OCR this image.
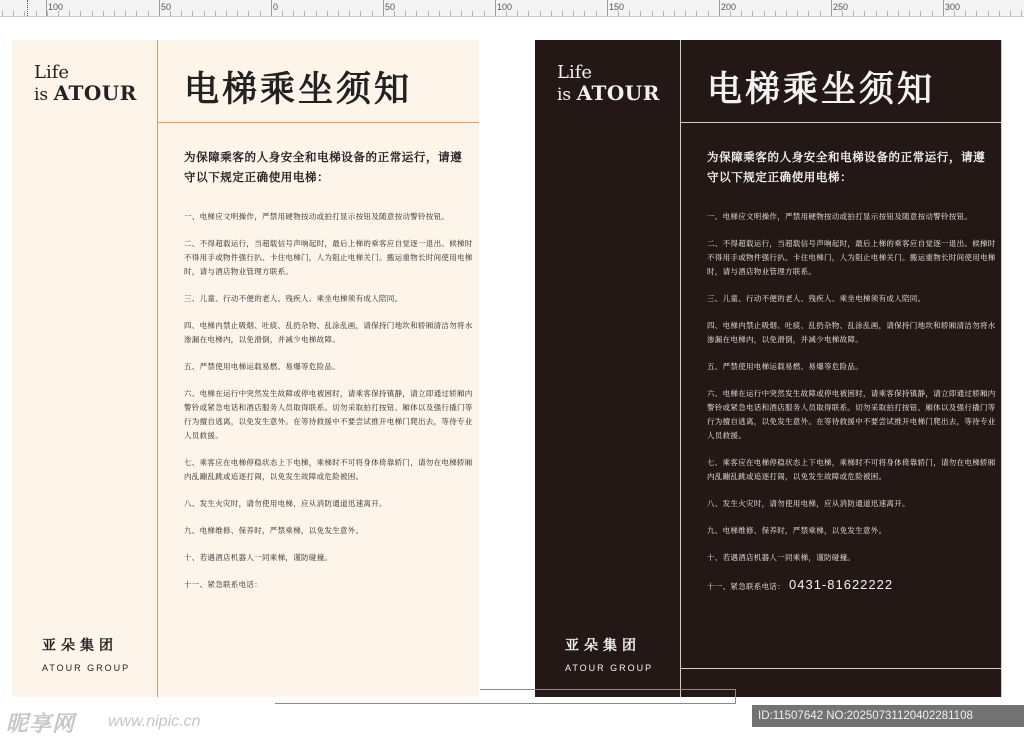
100	50	0	50	100	150	200	250	300
Life
is ATOUR 电梯乘坐须知
为保障乘客的人身安全和电梯设备的正常运行，请遵守以下规定正确使用电梯：
一、电梯应文明操作，严禁用硬物按动或拍打显示按钮及随意按动警铃按钮。
二、不得超载运行，当超载信号声响起时，最后上梯的乘客应自觉逐一退出。候梯时不得用手或物件强行扒、卡住电梯门，人为阻止电梯关门。搬运重物长时间使用电梯时，请与酒店物业管理方联系。
三、儿童、行动不便的老人、残疾人、乘坐电梯须有成人陪同。
四、电梯内禁止吸烟、吐痰、乱扔杂物、乱涂乱画，请保持门地坎和轿厢清洁勿将水渗漏在电梯内，以免滑倒，并减少电梯故障。
五、严禁使用电梯运载易燃、易爆等危险品。
六、电梯在运行中突然发生故障或停电被困时，请乘客保持镇静，请立即通过轿厢内警铃或紧急电话和酒店服务人员取得联系。切勿采取拍打按钮、厢体以及强行撬门等行为擅自逃离，以免发生意外。在等待救援中不要尝试推开电梯门爬出去，等待专业人员救援。
七、乘客应在电梯停稳状态上下电梯，乘梯时不可将身体倚靠轿门，请勿在电梯轿厢内乱蹦乱跳或追逐打闹，以免发生故障或危险被困。
八、发生火灾时，请勿使用电梯，应从消防通道迅速离开。
九、电梯维修、保养时，严禁乘梯，以免发生意外。
十、若遇酒店机器人一同乘梯，谨防碰撞。
十一、紧急联系电话：
亚朵集团
ATOUR GROUP
Life
is ATOUR 电梯乘坐须知
为保障乘客的人身安全和电梯设备的正常运行，请遵守以下规定正确使用电梯：
一、电梯应文明操作，严禁用硬物按动或拍打显示按钮及随意按动警铃按钮。
二、不得超载运行，当超载信号声响起时，最后上梯的乘客应自觉逐一退出。候梯时不得用手或物件强行扒、卡住电梯门，人为阻止电梯关门。搬运重物长时间使用电梯时，请与酒店物业管理方联系。
三、儿童、行动不便的老人、残疾人、乘坐电梯须有成人陪同。
四、电梯内禁止吸烟、吐痰、乱扔杂物、乱涂乱画，请保持门地坎和轿厢清洁勿将水渗漏在电梯内，以免滑倒，并减少电梯故障。
五、严禁使用电梯运载易燃、易爆等危险品。
六、电梯在运行中突然发生故障或停电被困时，请乘客保持镇静，请立即通过轿厢内警铃或紧急电话和酒店服务人员取得联系。切勿采取拍打按钮、厢体以及强行撬门等行为擅自逃离，以免发生意外。在等待救援中不要尝试推开电梯门爬出去，等待专业人员救援。
七、乘客应在电梯停稳状态上下电梯，乘梯时不可将身体倚靠轿门，请勿在电梯轿厢内乱蹦乱跳或追逐打闹，以免发生故障或危险被困。
八、发生火灾时，请勿使用电梯，应从消防通道迅速离开。
九、电梯维修、保养时，严禁乘梯，以免发生意外。
十、若遇酒店机器人一同乘梯，谨防碰撞。
十一、紧急联系电话： 0431-81622222
亚朵集团
ATOUR GROUP
昵享网 www.nipic.cn	ID:11507642 NO:20250731120402281108
